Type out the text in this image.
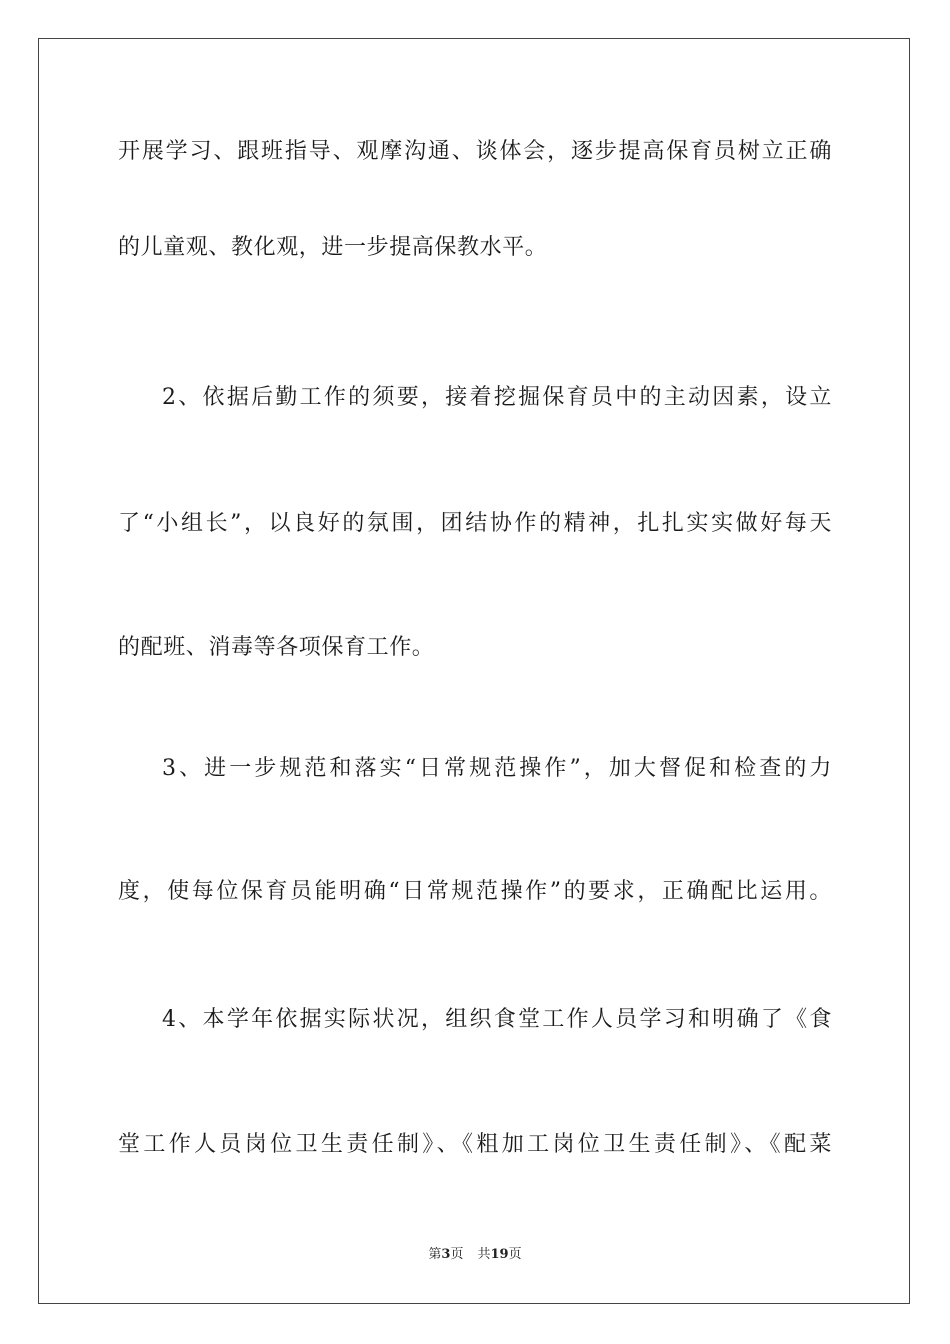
开展学习、跟班指导、观摩沟通、谈体会，逐步提高保育员树立正确
的儿童观、教化观，进一步提高保教水平。
2、依据后勤工作的须要，接着挖掘保育员中的主动因素，设立
了“小组长”，以良好的氛围，团结协作的精神，扎扎实实做好每天
的配班、消毒等各项保育工作。
3、进一步规范和落实“日常规范操作”，加大督促和检查的力
度，使每位保育员能明确“日常规范操作”的要求，正确配比运用。
4、本学年依据实际状况，组织食堂工作人员学习和明确了《食
堂工作人员岗位卫生责任制》、《粗加工岗位卫生责任制》、《配菜
第3页 共19页
